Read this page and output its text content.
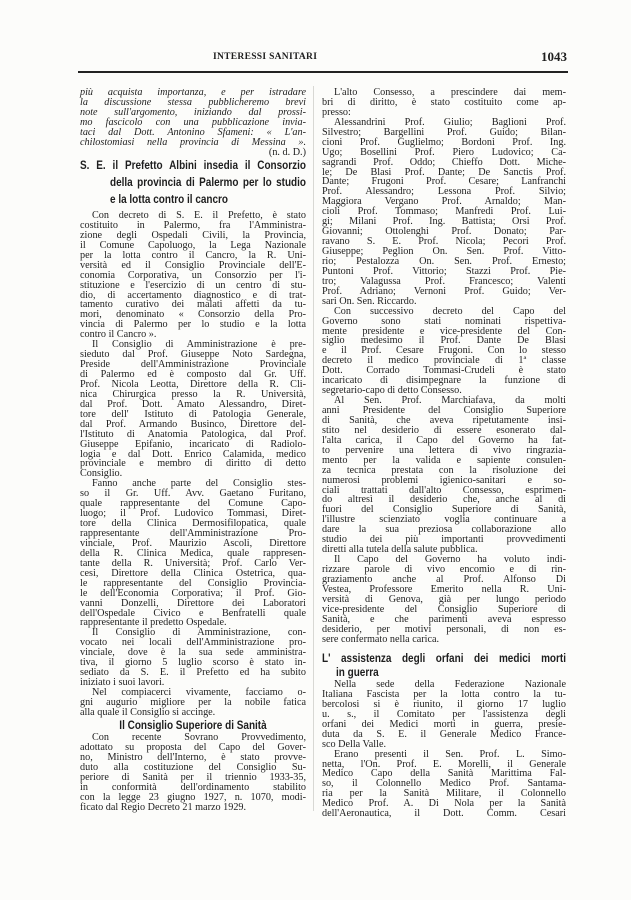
INTERESSI SANITARI	1043
più acquista importanza, e per istradare
la discussione stessa pubblicheremo brevi
note sull'argomento, iniziando dal prossi-
mo fascicolo con una pubblicazione invia-
taci dal Dott. Antonino Sfameni: « L'an-
chilostomiasi nella provincia di Messina ».
(n. d. D.)
S. E. il Prefetto Albini insedia il Consorzio
della provincia di Palermo per lo studio
e la lotta contro il cancro
Con decreto di S. E. il Prefetto, è stato
costituito in Palermo, fra l'Amministra-
zione degli Ospedali Civili, la Provincia,
il Comune Capoluogo, la Lega Nazionale
per la lotta contro il Cancro, la R. Uni-
versità ed il Consiglio Provinciale dell'E-
conomia Corporativa, un Consorzio per l'i-
stituzione e l'esercizio di un centro di stu-
dio, di accertamento diagnostico e di trat-
tamento curativo dei malati affetti da tu-
mori, denominato « Consorzio della Pro-
vincia di Palermo per lo studio e la lotta
contro il Cancro ».
Il Consiglio di Amministrazione è pre-
sieduto dal Prof. Giuseppe Noto Sardegna,
Preside dell'Amministrazione Provinciale
di Palermo ed è composto dal Gr. Uff.
Prof. Nicola Leotta, Direttore della R. Cli-
nica Chirurgica presso la R. Università,
dal Prof. Dott. Amato Alessandro, Diret-
tore dell' Istituto di Patologia Generale,
dal Prof. Armando Businco, Direttore del-
l'Istituto di Anatomia Patologica, dal Prof.
Giuseppe Epifanio, incaricato di Radiolo-
logia e dal Dott. Enrico Calamida, medico
provinciale e membro di diritto di detto
Consiglio.
Fanno anche parte del Consiglio stes-
so il Gr. Uff. Avv. Gaetano Furitano,
quale rappresentante del Comune Capo-
luogo; il Prof. Ludovico Tommasi, Diret-
tore della Clinica Dermosifilopatica, quale
rappresentante dell'Amministrazione Pro-
vinciale, Prof. Maurizio Ascoli, Direttore
della R. Clinica Medica, quale rappresen-
tante della R. Università; Prof. Carlo Ver-
cesi, Direttore della Clinica Ostetrica, qua-
le rappresentante del Consiglio Provincia-
le dell'Economia Corporativa; il Prof. Gio-
vanni Donzelli, Direttore dei Laboratori
dell'Ospedale Civico e Benfratelli quale
rappresentante il predetto Ospedale.
Il Consiglio di Amministrazione, con-
vocato nei locali dell'Amministrazione pro-
vinciale, dove è la sua sede amministra-
tiva, il giorno 5 luglio scorso è stato in-
sediato da S. E. il Prefetto ed ha subito
iniziato i suoi lavori.
Nel compiacerci vivamente, facciamo o-
gni augurio migliore per la nobile fatica
alla quale il Consiglio si accinge.
Il Consiglio Superiore di Sanità
Con recente Sovrano Provvedimento,
adottato su proposta del Capo del Gover-
no, Ministro dell'Interno, è stato provve-
duto alla costituzione del Consiglio Su-
periore di Sanità per il triennio 1933-35,
in conformità dell'ordinamento stabilito
con la legge 23 giugno 1927, n. 1070, modi-
ficato dal Regio Decreto 21 marzo 1929.
L'alto Consesso, a prescindere dai mem-
bri di diritto, è stato costituito come ap-
presso:
Alessandrini Prof. Giulio; Baglioni Prof.
Silvestro; Bargellini Prof. Guido; Bilan-
cioni Prof. Guglielmo; Bordoni Prof. Ing.
Ugo; Bosellini Prof. Piero Ludovico; Ca-
sagrandi Prof. Oddo; Chieffo Dott. Miche-
le; De Blasi Prof. Dante; De Sanctis Prof.
Dante; Frugoni Prof. Cesare; Lanfranchi
Prof. Alessandro; Lessona Prof. Silvio;
Maggiora Vergano Prof. Arnaldo; Man-
cioli Prof. Tommaso; Manfredi Prof. Lui-
gi; Milani Prof. Ing. Battista; Orsi Prof.
Giovanni; Ottolenghi Prof. Donato; Par-
ravano S. E. Prof. Nicola; Pecori Prof.
Giuseppe; Peglion On. Sen. Prof. Vitto-
rio; Pestalozza On. Sen. Prof. Ernesto;
Puntoni Prof. Vittorio; Stazzi Prof. Pie-
tro; Valagussa Prof. Francesco; Valenti
Prof. Adriano; Vernoni Prof. Guido; Ver-
sari On. Sen. Riccardo.
Con successivo decreto del Capo del
Governo sono stati nominati rispettiva-
mente presidente e vice-presidente del Con-
siglio medesimo il Prof. Dante De Blasi
e il Prof. Cesare Frugoni. Con lo stesso
decreto il medico provinciale di 1ª classe
Dott. Corrado Tommasi-Crudeli è stato
incaricato di disimpegnare la funzione di
segretario-capo di detto Consesso.
Al Sen. Prof. Marchiafava, da molti
anni Presidente del Consiglio Superiore
di Sanità, che aveva ripetutamente insi-
stito nel desiderio di essere esonerato dal-
l'alta carica, il Capo del Governo ha fat-
to pervenire una lettera di vivo ringrazia-
mento per la valida e sapiente consulen-
za tecnica prestata con la risoluzione dei
numerosi problemi igienico-sanitari e so-
ciali trattati dall'alto Consesso, esprimen-
do altresì il desiderio che, anche al di
fuori del Consiglio Superiore di Sanità,
l'illustre scienziato voglia continuare a
dare la sua preziosa collaborazione allo
studio dei più importanti provvedimenti
diretti alla tutela della salute pubblica.
Il Capo del Governo ha voluto indi-
rizzare parole di vivo encomio e di rin-
graziamento anche al Prof. Alfonso Di
Vestea, Professore Emerito nella R. Uni-
versità di Genova, già per lungo periodo
vice-presidente del Consiglio Superiore di
Sanità, e che parimenti aveva espresso
desiderio, per motivi personali, di non es-
sere confermato nella carica.
L' assistenza degli orfani dei medici morti
in guerra
Nella sede della Federazione Nazionale
Italiana Fascista per la lotta contro la tu-
bercolosi si è riunito, il giorno 17 luglio
u. s., il Comitato per l'assistenza degli
orfani dei Medici morti in guerra, presie-
duta da S. E. il Generale Medico France-
sco Della Valle.
Erano presenti il Sen. Prof. L. Simo-
netta, l'On. Prof. E. Morelli, il Generale
Medico Capo della Sanità Marittima Fal-
so, il Colonnello Medico Prof. Santama-
ria per la Sanità Militare, il Colonnello
Medico Prof. A. Di Nola per la Sanità
dell'Aeronautica, il Dott. Comm. Cesari
